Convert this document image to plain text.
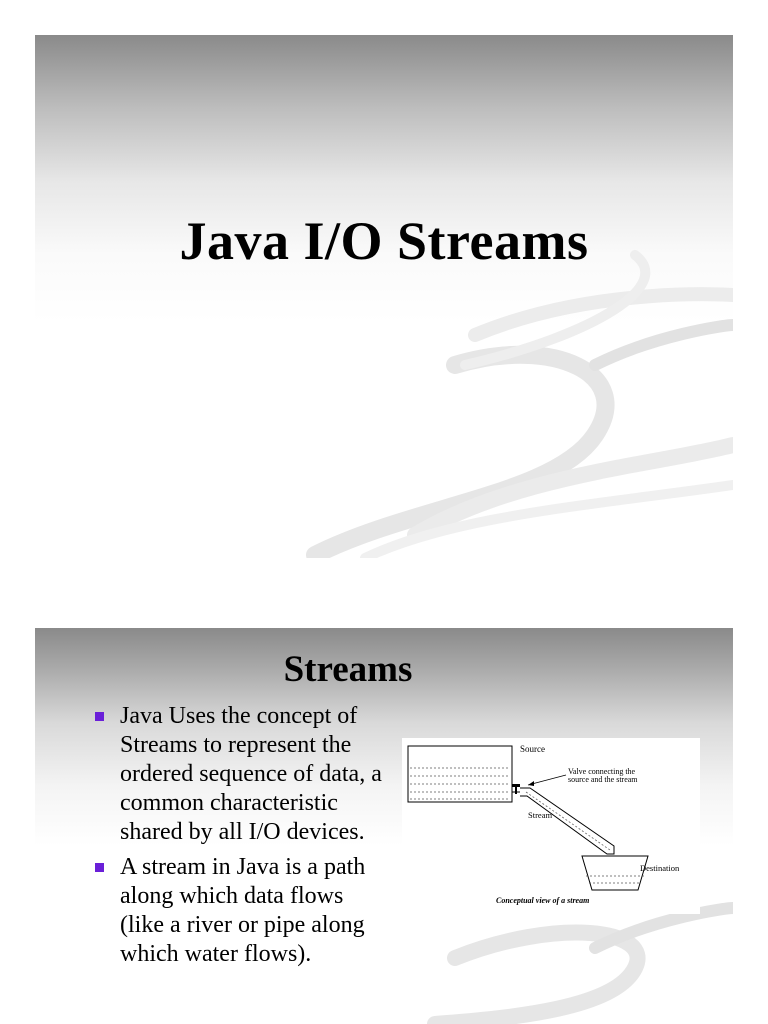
Java I/O Streams
Streams
Java Uses the concept of Streams to represent the ordered sequence of data, a common characteristic shared by all I/O devices.
A stream in Java is a path along which data flows (like a river or pipe along which water flows).
Source
Valve connecting the
source and the stream
Stream
Destination
Conceptual view of a stream
